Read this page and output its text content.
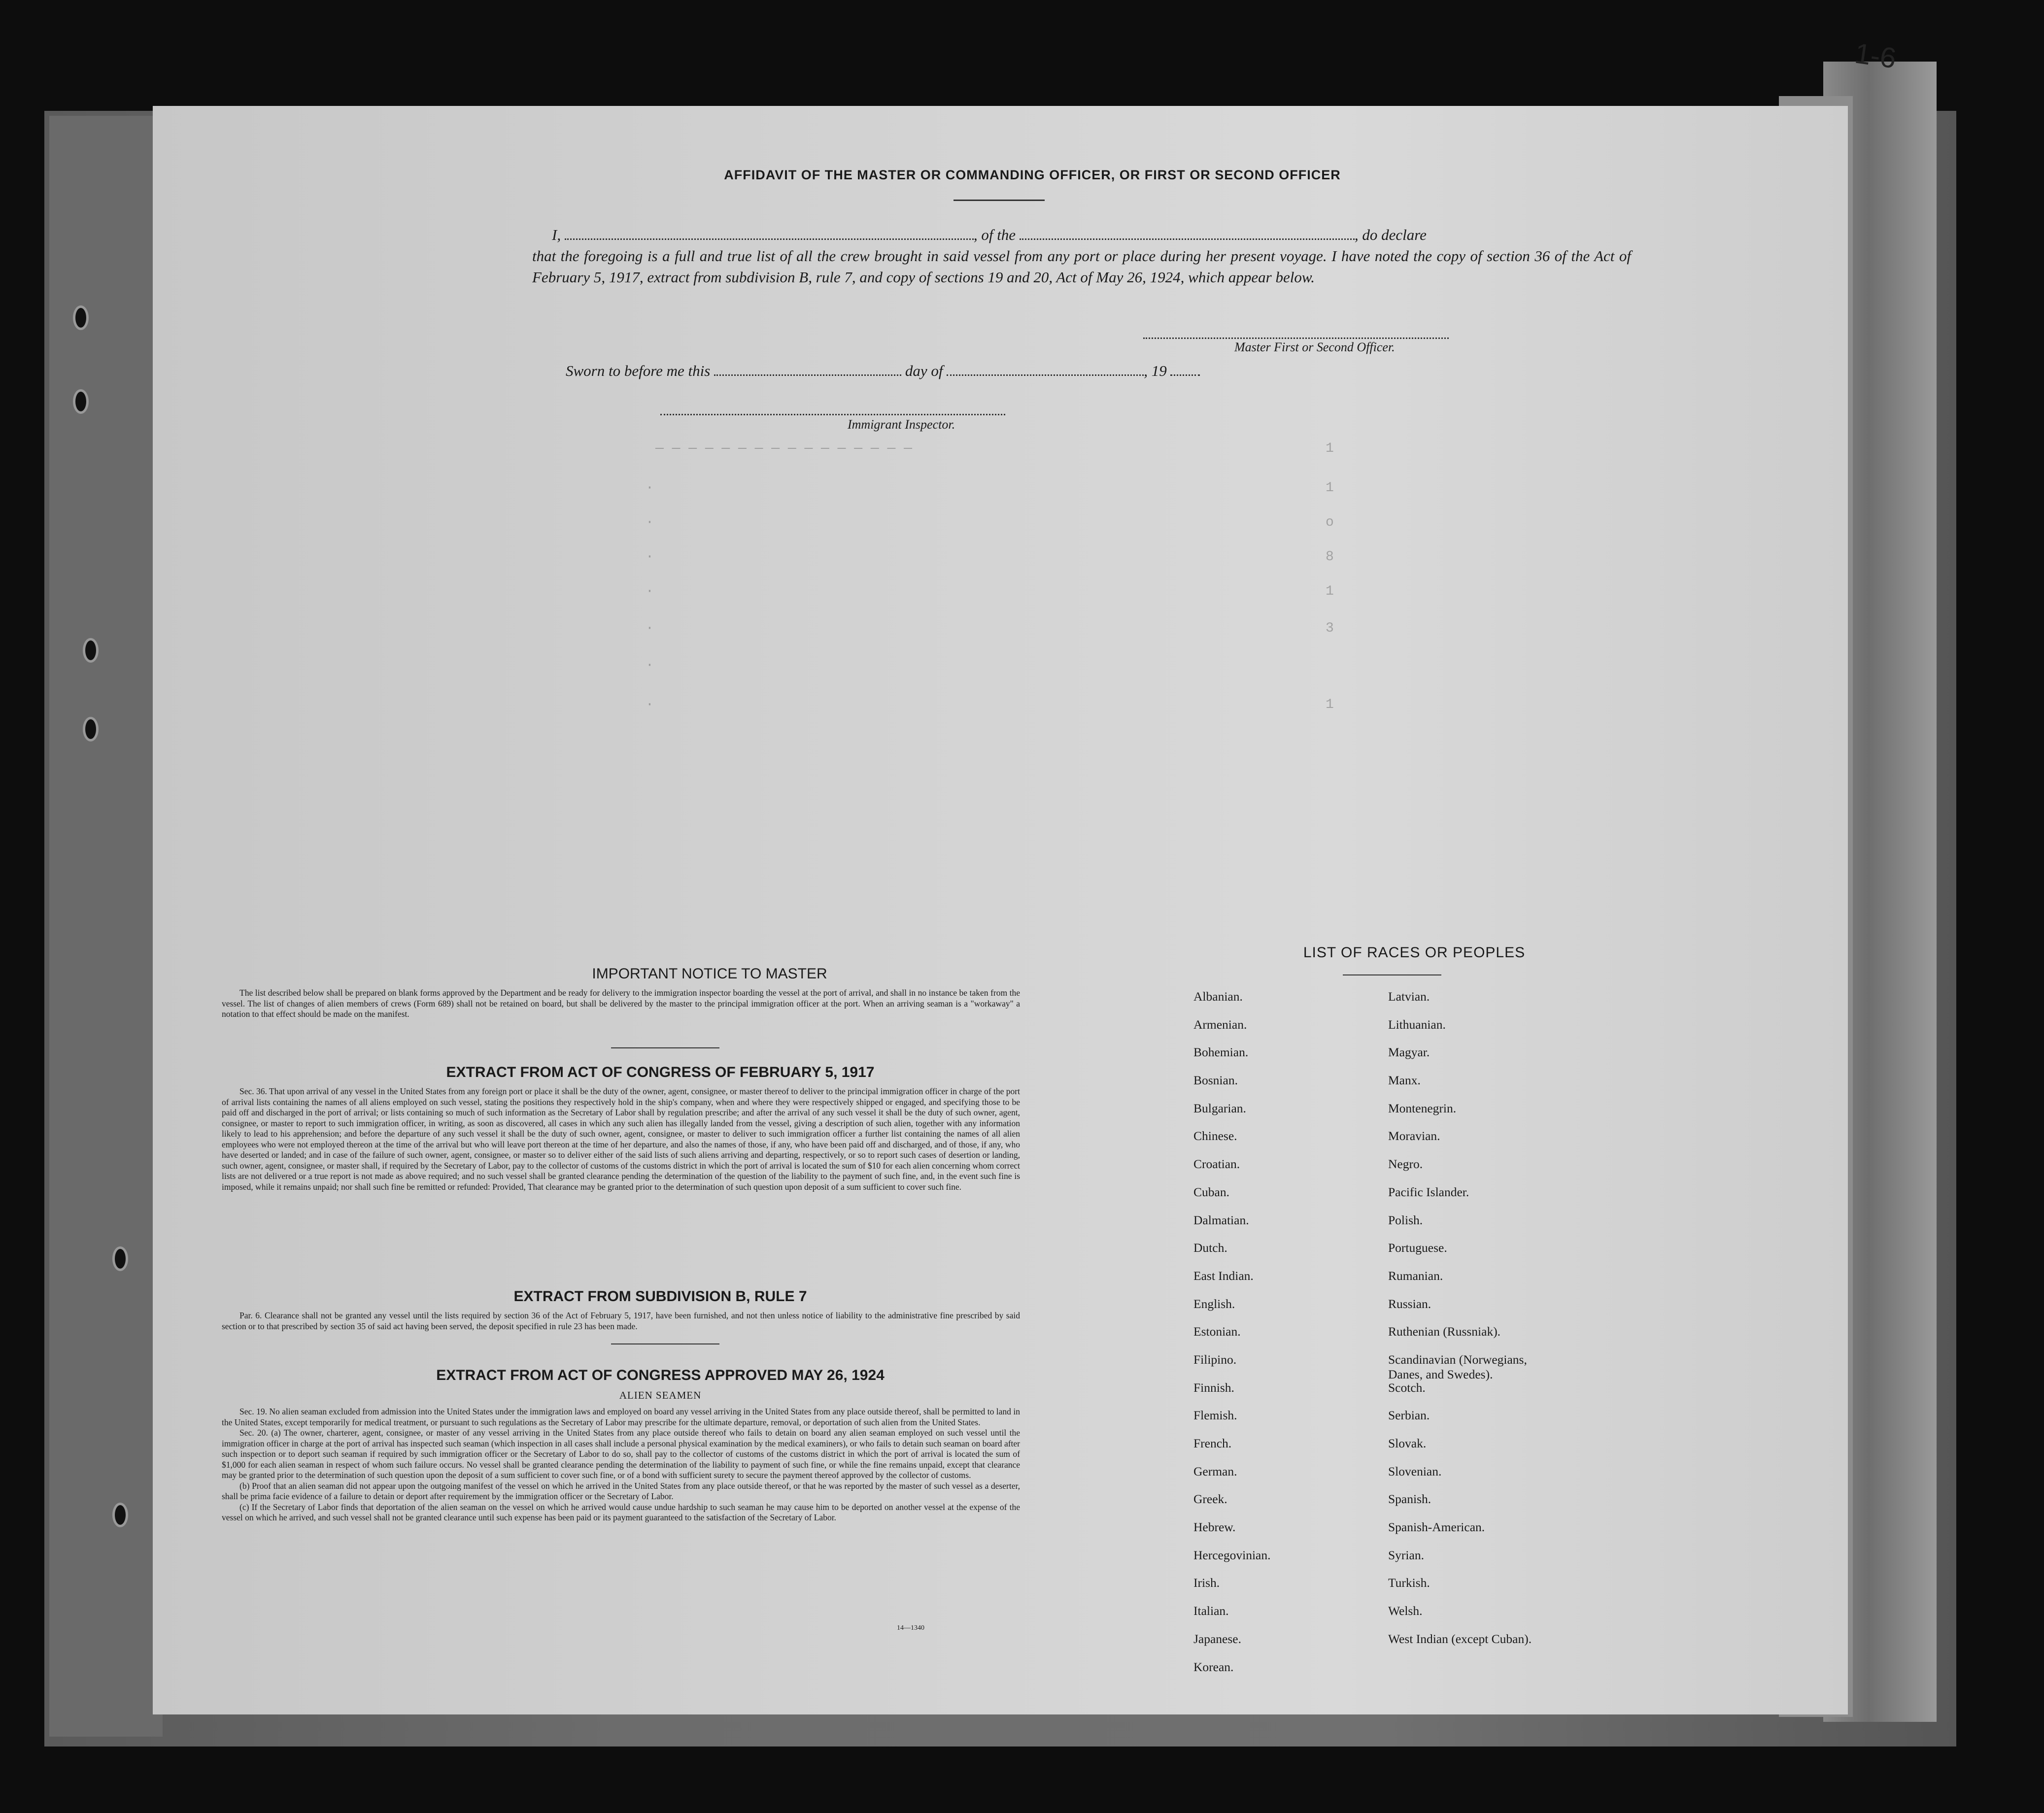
1-6
— — — — — — — — — — — — — — — —
·
·
·
·
·
·
·
1
1
o
8
1
3
1
AFFIDAVIT OF THE MASTER OR COMMANDING OFFICER, OR FIRST OR SECOND OFFICER
I,	, of the	, do declare
that the foregoing is a full and true list of all the crew brought in said vessel from any port or place during her present voyage. I have noted the copy of section 36 of the Act of February 5, 1917, extract from subdivision B, rule 7, and copy of sections 19 and 20, Act of May 26, 1924, which appear below.
Master First or Second Officer.
Sworn to before me this	day of	, 19
Immigrant Inspector.
IMPORTANT NOTICE TO MASTER

The list described below shall be prepared on blank forms approved by the Department and be ready for delivery to the immigration inspector boarding the vessel at the port of arrival, and shall in no instance be taken from the vessel. The list of changes of alien members of crews (Form 689) shall not be retained on board, but shall be delivered by the master to the principal immigration officer at the port. When an arriving seaman is a "workaway" a notation to that effect should be made on the manifest.

EXTRACT FROM ACT OF CONGRESS OF FEBRUARY 5, 1917

Sec. 36. That upon arrival of any vessel in the United States from any foreign port or place it shall be the duty of the owner, agent, consignee, or master thereof to deliver to the principal immigration officer in charge of the port of arrival lists containing the names of all aliens employed on such vessel, stating the positions they respectively hold in the ship's company, when and where they were respectively shipped or engaged, and specifying those to be paid off and discharged in the port of arrival; or lists containing so much of such information as the Secretary of Labor shall by regulation prescribe; and after the arrival of any such vessel it shall be the duty of such owner, agent, consignee, or master to report to such immigration officer, in writing, as soon as discovered, all cases in which any such alien has illegally landed from the vessel, giving a description of such alien, together with any information likely to lead to his apprehension; and before the departure of any such vessel it shall be the duty of such owner, agent, consignee, or master to deliver to such immigration officer a further list containing the names of all alien employees who were not employed thereon at the time of the arrival but who will leave port thereon at the time of her departure, and also the names of those, if any, who have been paid off and discharged, and of those, if any, who have deserted or landed; and in case of the failure of such owner, agent, consignee, or master so to deliver either of the said lists of such aliens arriving and departing, respectively, or so to report such cases of desertion or landing, such owner, agent, consignee, or master shall, if required by the Secretary of Labor, pay to the collector of customs of the customs district in which the port of arrival is located the sum of $10 for each alien concerning whom correct lists are not delivered or a true report is not made as above required; and no such vessel shall be granted clearance pending the determination of the question of the liability to the payment of such fine, and, in the event such fine is imposed, while it remains unpaid; nor shall such fine be remitted or refunded: Provided, That clearance may be granted prior to the determination of such question upon deposit of a sum sufficient to cover such fine.

EXTRACT FROM SUBDIVISION B, RULE 7

Par. 6. Clearance shall not be granted any vessel until the lists required by section 36 of the Act of February 5, 1917, have been furnished, and not then unless notice of liability to the administrative fine prescribed by said section or to that prescribed by section 35 of said act having been served, the deposit specified in rule 23 has been made.

EXTRACT FROM ACT OF CONGRESS APPROVED MAY 26, 1924
ALIEN SEAMEN

Sec. 19. No alien seaman excluded from admission into the United States under the immigration laws and employed on board any vessel arriving in the United States from any place outside thereof, shall be permitted to land in the United States, except temporarily for medical treatment, or pursuant to such regulations as the Secretary of Labor may prescribe for the ultimate departure, removal, or deportation of such alien from the United States.

Sec. 20. (a) The owner, charterer, agent, consignee, or master of any vessel arriving in the United States from any place outside thereof who fails to detain on board any alien seaman employed on such vessel until the immigration officer in charge at the port of arrival has inspected such seaman (which inspection in all cases shall include a personal physical examination by the medical examiners), or who fails to detain such seaman on board after such inspection or to deport such seaman if required by such immigration officer or the Secretary of Labor to do so, shall pay to the collector of customs of the customs district in which the port of arrival is located the sum of $1,000 for each alien seaman in respect of whom such failure occurs. No vessel shall be granted clearance pending the determination of the liability to payment of such fine, or while the fine remains unpaid, except that clearance may be granted prior to the determination of such question upon the deposit of a sum sufficient to cover such fine, or of a bond with sufficient surety to secure the payment thereof approved by the collector of customs.

(b) Proof that an alien seaman did not appear upon the outgoing manifest of the vessel on which he arrived in the United States from any place outside thereof, or that he was reported by the master of such vessel as a deserter, shall be prima facie evidence of a failure to detain or deport after requirement by the immigration officer or the Secretary of Labor.

(c) If the Secretary of Labor finds that deportation of the alien seaman on the vessel on which he arrived would cause undue hardship to such seaman he may cause him to be deported on another vessel at the expense of the vessel on which he arrived, and such vessel shall not be granted clearance until such expense has been paid or its payment guaranteed to the satisfaction of the Secretary of Labor.

14—1340
LIST OF RACES OR PEOPLES
Albanian.
Armenian.
Bohemian.
Bosnian.
Bulgarian.
Chinese.
Croatian.
Cuban.
Dalmatian.
Dutch.
East Indian.
English.
Estonian.
Filipino.
Finnish.
Flemish.
French.
German.
Greek.
Hebrew.
Hercegovinian.
Irish.
Italian.
Japanese.
Korean.
Latvian.
Lithuanian.
Magyar.
Manx.
Montenegrin.
Moravian.
Negro.
Pacific Islander.
Polish.
Portuguese.
Rumanian.
Russian.
Ruthenian (Russniak).
Scandinavian (Norwegians,
Danes, and Swedes).
Scotch.
Serbian.
Slovak.
Slovenian.
Spanish.
Spanish-American.
Syrian.
Turkish.
Welsh.
West Indian (except Cuban).
